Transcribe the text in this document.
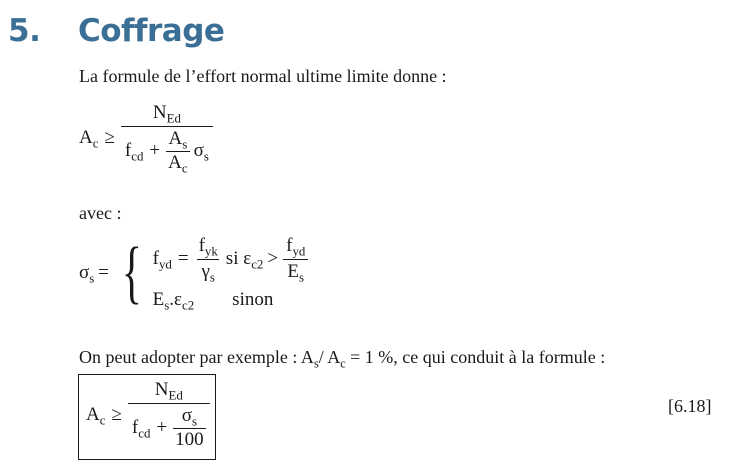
5.	Coffrage
La formule de l’effort normal ultime limite donne :
$A_c \ge \frac{N_{Ed}}{f_{cd} + \frac{A_s}{A_c} \sigma_s}$
avec :
$\sigma_s$ = { $f_{yd} = \frac{f_{yk}}{\gamma_s}$ si $\varepsilon_{c2} > \frac{f_{yd}}{E_s}$
$E_s.\varepsilon_{c2}$ sinon
On peut adopter par exemple : $A_s/$ $A_c = 1$ %, ce qui conduit à la formule :
$A_c \ge \frac{N_{Ed}}{f_{cd} + \frac{\sigma_s}{100}}$	[6.18]
